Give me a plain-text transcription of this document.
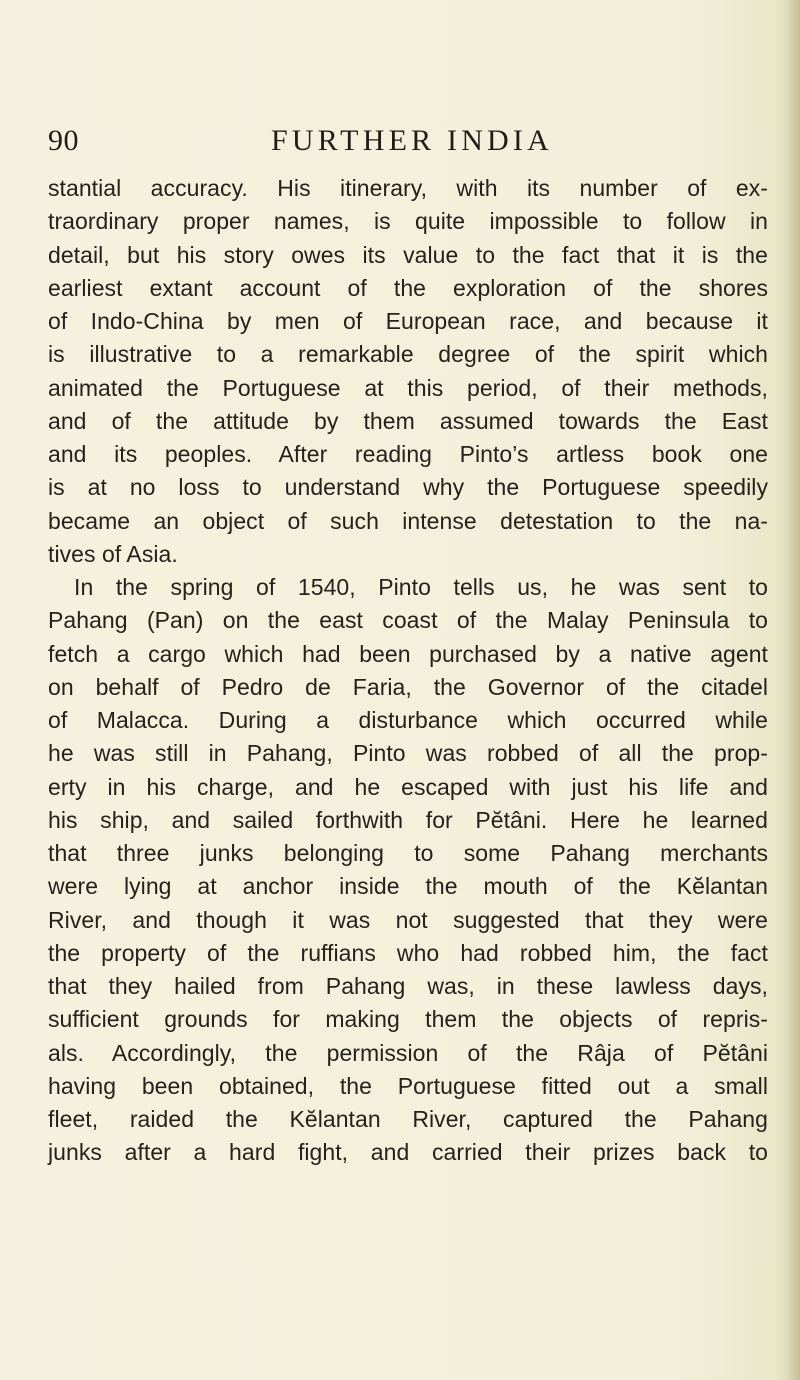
90	FURTHER INDIA
stantial accuracy. His itinerary, with its number of ex-
traordinary proper names, is quite impossible to follow in
detail, but his story owes its value to the fact that it is the
earliest extant account of the exploration of the shores
of Indo-China by men of European race, and because it
is illustrative to a remarkable degree of the spirit which
animated the Portuguese at this period, of their methods,
and of the attitude by them assumed towards the East
and its peoples. After reading Pinto’s artless book one
is at no loss to understand why the Portuguese speedily
became an object of such intense detestation to the na-
tives of Asia.
In the spring of 1540, Pinto tells us, he was sent to
Pahang (Pan) on the east coast of the Malay Peninsula to
fetch a cargo which had been purchased by a native agent
on behalf of Pedro de Faria, the Governor of the citadel
of Malacca. During a disturbance which occurred while
he was still in Pahang, Pinto was robbed of all the prop-
erty in his charge, and he escaped with just his life and
his ship, and sailed forthwith for Pĕtâni. Here he learned
that three junks belonging to some Pahang merchants
were lying at anchor inside the mouth of the Kĕlantan
River, and though it was not suggested that they were
the property of the ruffians who had robbed him, the fact
that they hailed from Pahang was, in these lawless days,
sufficient grounds for making them the objects of repris-
als. Accordingly, the permission of the Râja of Pĕtâni
having been obtained, the Portuguese fitted out a small
fleet, raided the Kĕlantan River, captured the Pahang
junks after a hard fight, and carried their prizes back to
